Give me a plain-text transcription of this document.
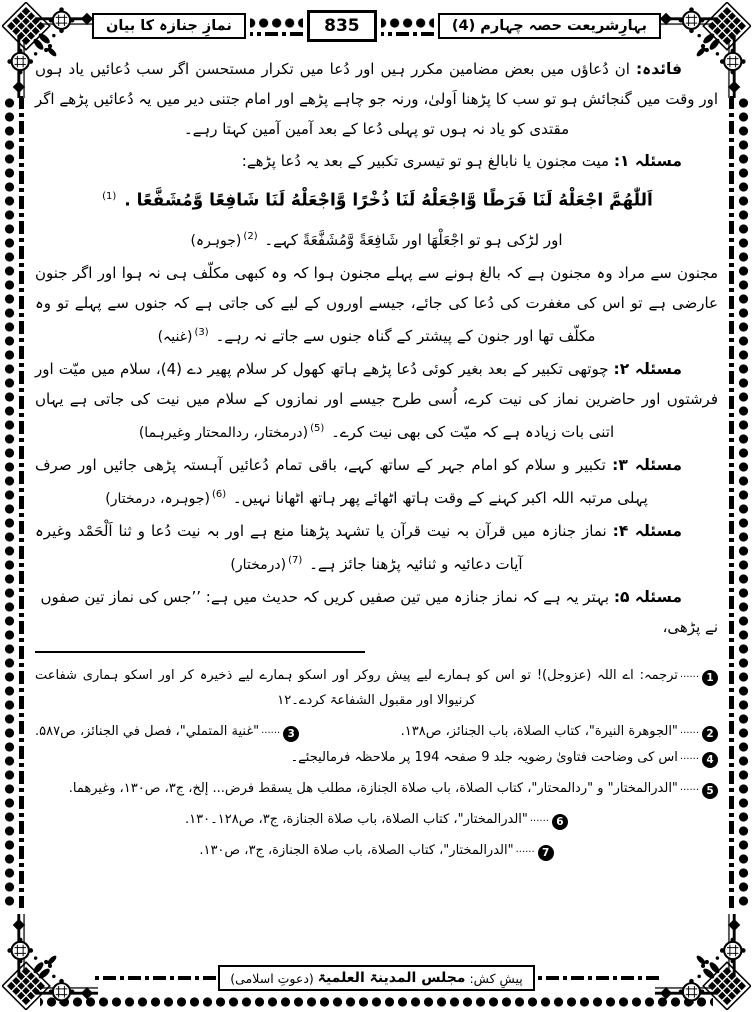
بہارِشریعت حصہ چہارم (4)
835
نمازِ جنازہ کا بیان

فائدہ: ان دُعاؤں میں بعض مضامین مکرر ہیں اور دُعا میں تکرار مستحسن اگر سب دُعائیں یاد ہوں اور وقت میں گنجائش ہو تو سب کا پڑھنا اَولیٰ، ورنہ جو چاہے پڑھے اور امام جتنی دیر میں یہ دُعائیں پڑھے اگر مقتدی کو یاد نہ ہوں تو پہلی دُعا کے بعد آمین آمین کہتا رہے۔

مسئلہ ۱: میت مجنون یا نابالغ ہو تو تیسری تکبیر کے بعد یہ دُعا پڑھے:

اَللّٰهُمَّ اجْعَلْهُ لَنَا فَرَطًا وَّاجْعَلْهُ لَنَا ذُخْرًا وَّاجْعَلْهُ لَنَا شَافِعًا وَّمُشَفَّعًا . $^{(1)}$

اور لڑکی ہو تو اجْعَلْهَا اور شَافِعَةً وَّمُشَفَّعَةً کہے۔ $^{(2)}$(جوہرہ)

مجنون سے مراد وہ مجنون ہے کہ بالغ ہونے سے پہلے مجنون ہوا کہ وہ کبھی مکلّف ہی نہ ہوا اور اگر جنون عارضی ہے تو اس کی مغفرت کی دُعا کی جائے، جیسے اوروں کے لیے کی جاتی ہے کہ جنوں سے پہلے تو وہ مکلّف تھا اور جنون کے پیشتر کے گناہ جنوں سے جاتے نہ رہے۔ $^{(3)}$(غنیہ)

مسئلہ ۲: چوتھی تکبیر کے بعد بغیر کوئی دُعا پڑھے ہاتھ کھول کر سلام پھیر دے (4)، سلام میں میّت اور فرشتوں اور حاضرین نماز کی نیت کرے، اُسی طرح جیسے اور نمازوں کے سلام میں نیت کی جاتی ہے یہاں اتنی بات زیادہ ہے کہ میّت کی بھی نیت کرے۔ $^{(5)}$(درمختار، ردالمحتار وغیرہما)

مسئلہ ۳: تکبیر و سلام کو امام جہر کے ساتھ کہے، باقی تمام دُعائیں آہستہ پڑھی جائیں اور صرف پہلی مرتبہ اللہ اکبر کہنے کے وقت ہاتھ اٹھائے پھر ہاتھ اٹھانا نہیں۔ $^{(6)}$(جوہرہ، درمختار)

مسئلہ ۴: نماز جنازہ میں قرآن بہ نیت قرآن یا تشہد پڑھنا منع ہے اور بہ نیت دُعا و ثنا اَلْحَمْد وغیرہ آیات دعائیہ و ثنائیہ پڑھنا جائز ہے۔ $^{(7)}$(درمختار)

مسئلہ ۵: بہتر یہ ہے کہ نماز جنازہ میں تین صفیں کریں کہ حدیث میں ہے: ’’جس کی نماز تین صفوں نے پڑھی،

1......ترجمہ: اے اللہ (عزوجل)! تو اس کو ہمارے لیے پیش روکر اور اسکو ہمارے لیے ذخیرہ کر اور اسکو ہماری شفاعت کرنیوالا اور مقبول الشفاعۃ کردے۔۱۲
2......"الجوهرة النيرة"، كتاب الصلاة، باب الجنائز، ص۱۳۸.
3......"غنية المتملي"، فصل في الجنائز، ص۵۸۷.
4......اس کی وضاحت فتاویٰ رضویہ جلد 9 صفحہ 194 پر ملاحظہ فرمالیجئے۔
5......"الدرالمختار" و "ردالمحتار"، كتاب الصلاة، باب صلاة الجنازة، مطلب هل يسقط فرض... إلخ، ج۳، ص۱۳۰، وغيرهما.
6......"الدرالمختار"، كتاب الصلاة، باب صلاة الجنازة، ج۳، ص۱۲۸۔۱۳۰.
7......"الدرالمختار"، كتاب الصلاة، باب صلاة الجنازة، ج۳، ص۱۳۰.
پیشِ کش:
مجلس المدینۃ العلمیۃ
(دعوتِ اسلامی)
